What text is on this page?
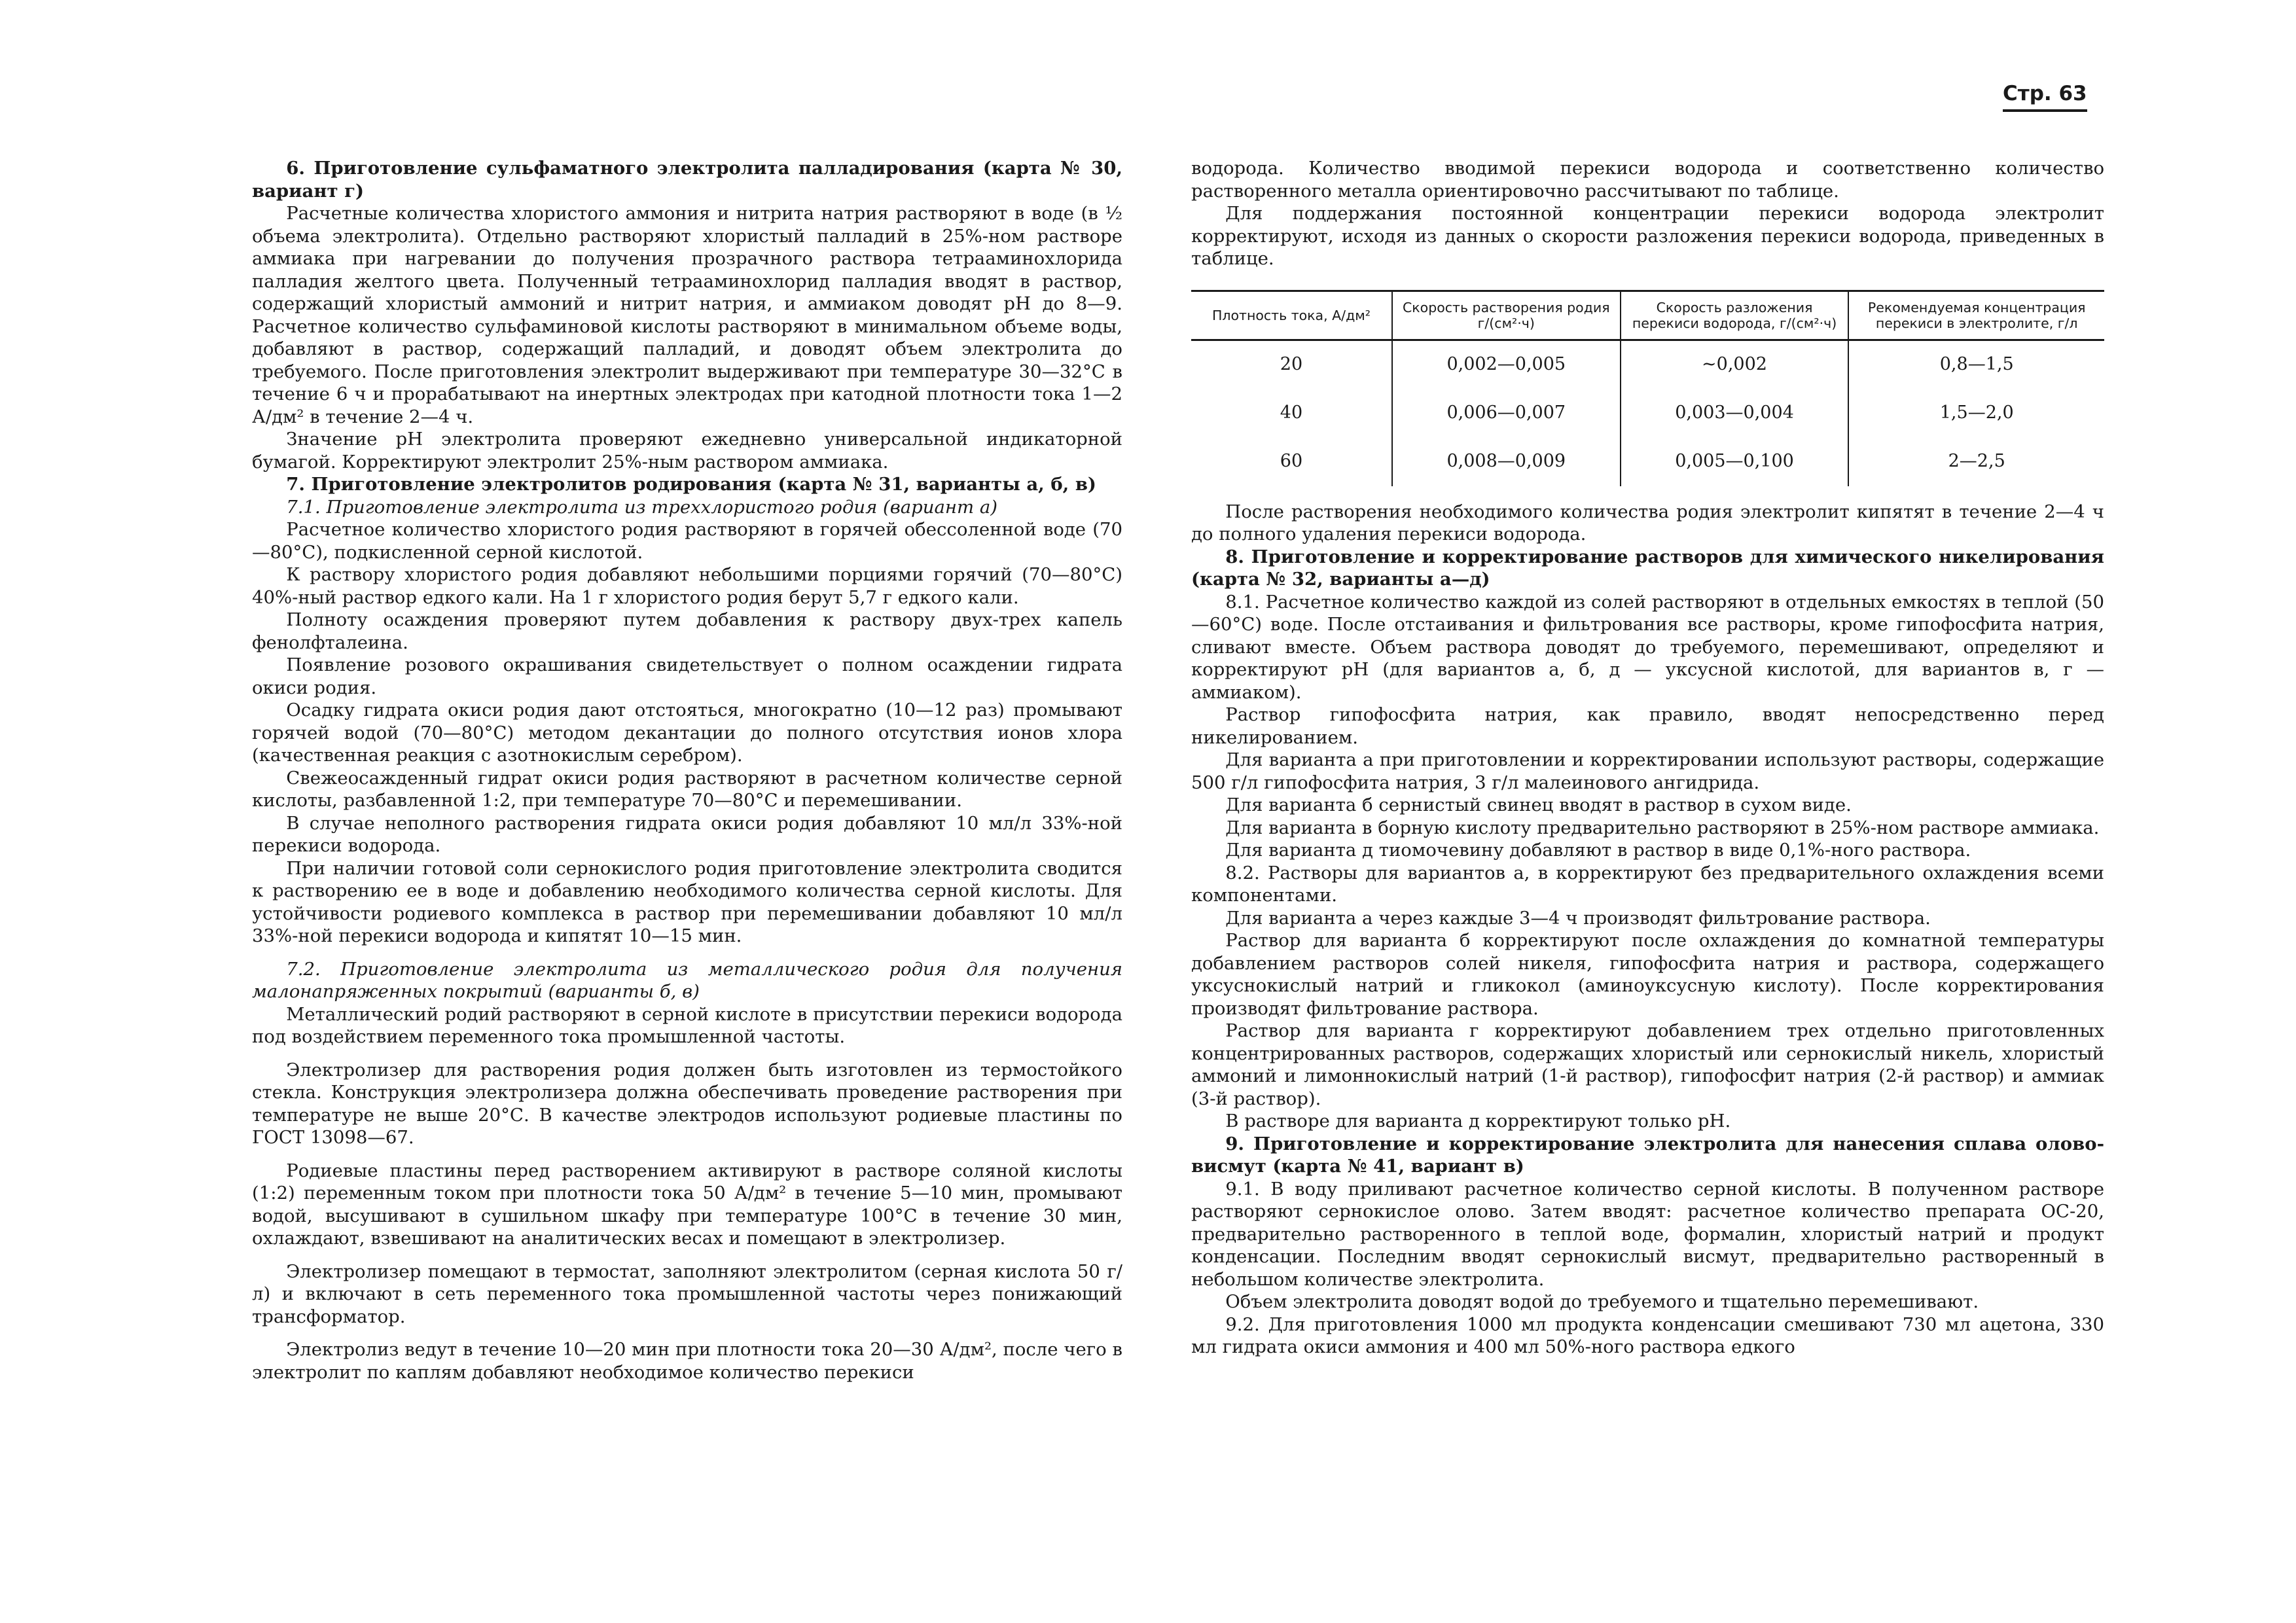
Стр. 63

6. Приготовление сульфаматного электролита палладирования (карта № 30, вариант г)

Расчетные количества хлористого аммония и нитрита натрия растворяют в воде (в ½ объема электролита). Отдельно растворяют хлористый палладий в 25%-ном растворе аммиака при нагревании до получения прозрачного раствора тетрааминохлорида палладия желтого цвета. Полученный тетрааминохлорид палладия вводят в раствор, содержащий хлористый аммоний и нитрит натрия, и аммиаком доводят pH до 8—9. Расчетное количество сульфаминовой кислоты растворяют в минимальном объеме воды, добавляют в раствор, содержащий палладий, и доводят объем электролита до требуемого. После приготовления электролит выдерживают при температуре 30—32°С в течение 6 ч и прорабатывают на инертных электродах при катодной плотности тока 1—2 А/дм² в течение 2—4 ч.

Значение pH электролита проверяют ежедневно универсальной индикаторной бумагой. Корректируют электролит 25%-ным раствором аммиака.

7. Приготовление электролитов родирования (карта № 31, варианты а, б, в)

7.1. Приготовление электролита из треххлористого родия (вариант а)

Расчетное количество хлористого родия растворяют в горячей обессоленной воде (70—80°С), подкисленной серной кислотой.

К раствору хлористого родия добавляют небольшими порциями горячий (70—80°С) 40%-ный раствор едкого кали. На 1 г хлористого родия берут 5,7 г едкого кали.

Полноту осаждения проверяют путем добавления к раствору двух-трех капель фенолфталеина.

Появление розового окрашивания свидетельствует о полном осаждении гидрата окиси родия.

Осадку гидрата окиси родия дают отстояться, многократно (10—12 раз) промывают горячей водой (70—80°С) методом декантации до полного отсутствия ионов хлора (качественная реакция с азотнокислым серебром).

Свежеосажденный гидрат окиси родия растворяют в расчетном количестве серной кислоты, разбавленной 1:2, при температуре 70—80°С и перемешивании.

В случае неполного растворения гидрата окиси родия добавляют 10 мл/л 33%-ной перекиси водорода.

При наличии готовой соли сернокислого родия приготовление электролита сводится к растворению ее в воде и добавлению необходимого количества серной кислоты. Для устойчивости родиевого комплекса в раствор при перемешивании добавляют 10 мл/л 33%-ной перекиси водорода и кипятят 10—15 мин.

7.2. Приготовление электролита из металлического родия для получения малонапряженных покрытий (варианты б, в)

Металлический родий растворяют в серной кислоте в присутствии перекиси водорода под воздействием переменного тока промышленной частоты.

Электролизер для растворения родия должен быть изготовлен из термостойкого стекла. Конструкция электролизера должна обеспечивать проведение растворения при температуре не выше 20°С. В качестве электродов используют родиевые пластины по ГОСТ 13098—67.

Родиевые пластины перед растворением активируют в растворе соляной кислоты (1:2) переменным током при плотности тока 50 А/дм² в течение 5—10 мин, промывают водой, высушивают в сушильном шкафу при температуре 100°С в течение 30 мин, охлаждают, взвешивают на аналитических весах и помещают в электролизер.

Электролизер помещают в термостат, заполняют электролитом (серная кислота 50 г/л) и включают в сеть переменного тока промышленной частоты через понижающий трансформатор.

Электролиз ведут в течение 10—20 мин при плотности тока 20—30 А/дм², после чего в электролит по каплям добавляют необходимое количество перекиси

водорода. Количество вводимой перекиси водорода и соответственно количество растворенного металла ориентировочно рассчитывают по таблице.

Для поддержания постоянной концентрации перекиси водорода электролит корректируют, исходя из данных о скорости разложения перекиси водорода, приведенных в таблице.

Плотность тока, А/дм²	Скорость растворения родия г/(см²·ч)	Скорость разложения перекиси водорода, г/(см²·ч)	Рекомендуемая концентрация перекиси в электролите, г/л
20	0,002—0,005	~0,002	0,8—1,5
40	0,006—0,007	0,003—0,004	1,5—2,0
60	0,008—0,009	0,005—0,100	2—2,5

После растворения необходимого количества родия электролит кипятят в течение 2—4 ч до полного удаления перекиси водорода.

8. Приготовление и корректирование растворов для химического никелирования (карта № 32, варианты а—д)

8.1. Расчетное количество каждой из солей растворяют в отдельных емкостях в теплой (50—60°С) воде. После отстаивания и фильтрования все растворы, кроме гипофосфита натрия, сливают вместе. Объем раствора доводят до требуемого, перемешивают, определяют и корректируют pH (для вариантов а, б, д — уксусной кислотой, для вариантов в, г — аммиаком).

Раствор гипофосфита натрия, как правило, вводят непосредственно перед никелированием.

Для варианта а при приготовлении и корректировании используют растворы, содержащие 500 г/л гипофосфита натрия, 3 г/л малеинового ангидрида.

Для варианта б сернистый свинец вводят в раствор в сухом виде.

Для варианта в борную кислоту предварительно растворяют в 25%-ном растворе аммиака.

Для варианта д тиомочевину добавляют в раствор в виде 0,1%-ного раствора.

8.2. Растворы для вариантов а, в корректируют без предварительного охлаждения всеми компонентами.

Для варианта а через каждые 3—4 ч производят фильтрование раствора.

Раствор для варианта б корректируют после охлаждения до комнатной температуры добавлением растворов солей никеля, гипофосфита натрия и раствора, содержащего уксуснокислый натрий и гликокол (аминоуксусную кислоту). После корректирования производят фильтрование раствора.

Раствор для варианта г корректируют добавлением трех отдельно приготовленных концентрированных растворов, содержащих хлористый или сернокислый никель, хлористый аммоний и лимоннокислый натрий (1-й раствор), гипофосфит натрия (2-й раствор) и аммиак (3-й раствор).

В растворе для варианта д корректируют только pH.

9. Приготовление и корректирование электролита для нанесения сплава олово-висмут (карта № 41, вариант в)

9.1. В воду приливают расчетное количество серной кислоты. В полученном растворе растворяют сернокислое олово. Затем вводят: расчетное количество препарата ОС-20, предварительно растворенного в теплой воде, формалин, хлористый натрий и продукт конденсации. Последним вводят сернокислый висмут, предварительно растворенный в небольшом количестве электролита.

Объем электролита доводят водой до требуемого и тщательно перемешивают.

9.2. Для приготовления 1000 мл продукта конденсации смешивают 730 мл ацетона, 330 мл гидрата окиси аммония и 400 мл 50%-ного раствора едкого
